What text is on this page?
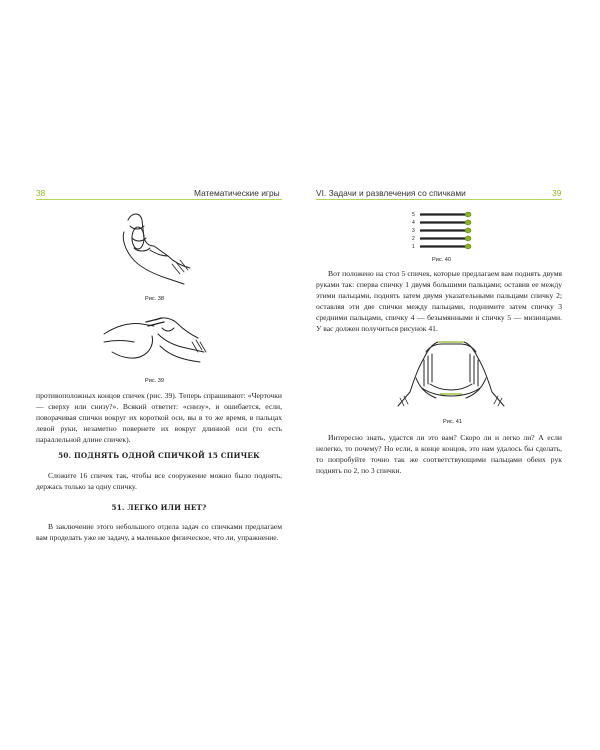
38	Математические игры
Рис. 38
Рис. 39

противоположных концов спичек (рис. 39). Теперь спрашивают: «Черточки — сверху или снизу?». Всякий ответит: «снизу», и ошибается, если, поворачивая спички вокруг их короткой оси, вы в то же время, в пальцах левой руки, незаметно повернете их вокруг длинной оси (то есть параллельной длине спичек).

50. ПОДНЯТЬ ОДНОЙ СПИЧКОЙ 15 СПИЧЕК

Сложите 16 спичек так, чтобы все сооружение можно было поднять, держась только за одну спичку.

51. ЛЕГКО ИЛИ НЕТ?

В заключение этого небольшого отдела задач со спичками предлагаем вам проделать уже не задачу, а маленькое физическое, что ли, упражнение.

VI. Задачи и развлечения со спичками	39
5
4
3
2
1
Рис. 40

Вот положено на стол 5 спичек, которые предлагаем вам поднять двумя руками так: сперва спичку 1 двумя большими пальцами; оставив ее между этими пальцами, поднять затем двумя указательными пальцами спичку 2; оставляя эти две спички между пальцами, поднимите затем спичку 3 средними пальцами, спичку 4 — безымянными и спичку 5 — мизинцами. У вас должен получиться рисунок 41.

Рис. 41

Интересно знать, удастся ли это вам? Скоро ли и легко ли? А если нелегко, то почему? Но если, в конце концов, это нам удалось бы сделать, то попробуйте точно так же соответствующими пальцами обеих рук поднять по 2, по 3 спички.
